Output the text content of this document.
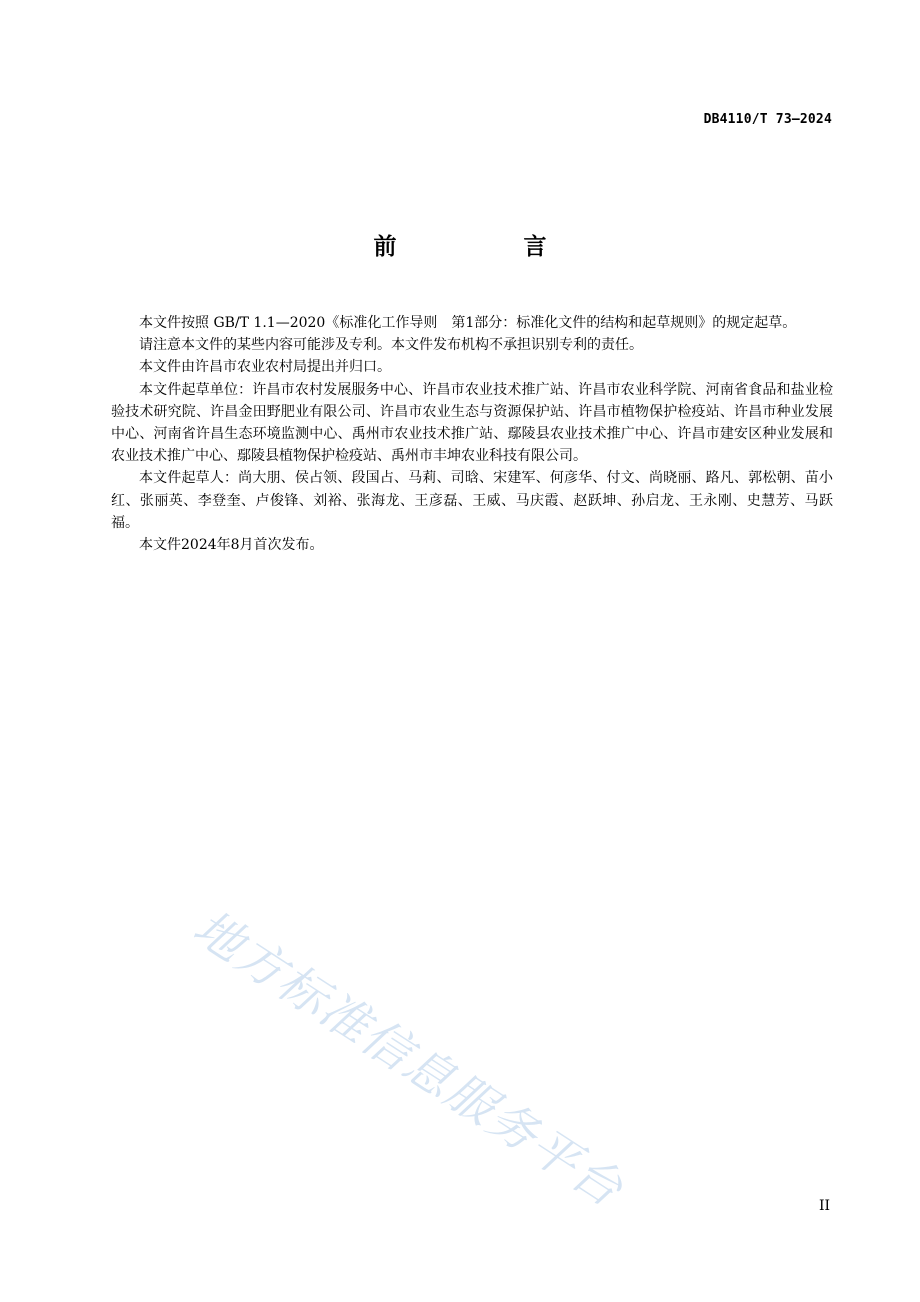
DB4110/T 73—2024
前　言

本文件按照 GB/T 1.1—2020《标准化工作导则　第1部分：标准化文件的结构和起草规则》的规定起草。

请注意本文件的某些内容可能涉及专利。本文件发布机构不承担识别专利的责任。

本文件由许昌市农业农村局提出并归口。

本文件起草单位：许昌市农村发展服务中心、许昌市农业技术推广站、许昌市农业科学院、河南省食品和盐业检验技术研究院、许昌金田野肥业有限公司、许昌市农业生态与资源保护站、许昌市植物保护检疫站、许昌市种业发展中心、河南省许昌生态环境监测中心、禹州市农业技术推广站、鄢陵县农业技术推广中心、许昌市建安区种业发展和农业技术推广中心、鄢陵县植物保护检疫站、禹州市丰坤农业科技有限公司。

本文件起草人：尚大朋、侯占领、段国占、马莉、司晗、宋建军、何彦华、付文、尚晓丽、路凡、郭松朝、苗小红、张丽英、李登奎、卢俊锋、刘裕、张海龙、王彦磊、王威、马庆霞、赵跃坤、孙启龙、王永刚、史慧芳、马跃福。

本文件2024年8月首次发布。

地方标准信息服务平台	II
